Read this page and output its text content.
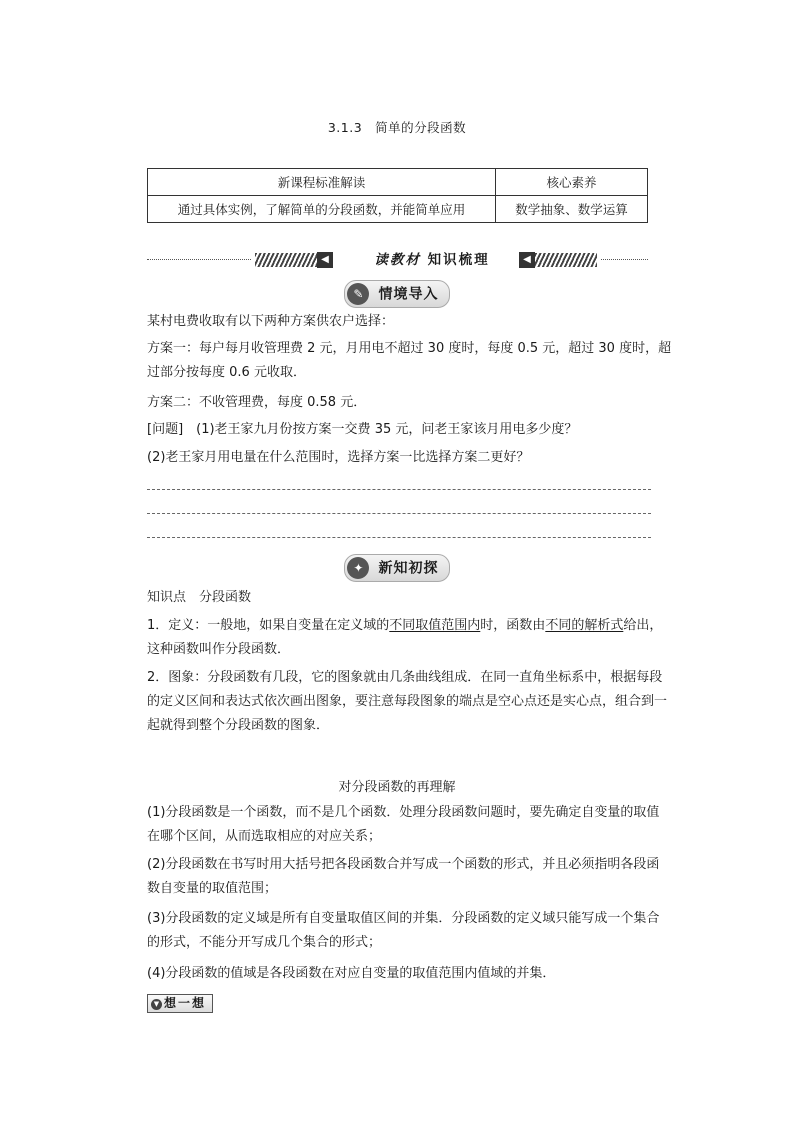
3.1.3　简单的分段函数
新课程标准解读	核心素养
通过具体实例，了解简单的分段函数，并能简单应用	数学抽象、数学运算
◀	读教材 知识梳理	◀
✎ 情境导入
某村电费收取有以下两种方案供农户选择：
方案一：每户每月收管理费 2 元，月用电不超过 30 度时，每度 0.5 元，超过 30 度时，超过部分按每度 0.6 元收取．
方案二：不收管理费，每度 0.58 元．
[问题]　(1)老王家九月份按方案一交费 35 元，问老王家该月用电多少度？
(2)老王家月用电量在什么范围时，选择方案一比选择方案二更好？
✦ 新知初探
知识点　分段函数
1．定义：一般地，如果自变量在定义域的不同取值范围内时，函数由不同的解析式给出，这种函数叫作分段函数．
2．图象：分段函数有几段，它的图象就由几条曲线组成．在同一直角坐标系中，根据每段的定义区间和表达式依次画出图象，要注意每段图象的端点是空心点还是实心点，组合到一起就得到整个分段函数的图象．
对分段函数的再理解
(1)分段函数是一个函数，而不是几个函数．处理分段函数问题时，要先确定自变量的取值在哪个区间，从而选取相应的对应关系；
(2)分段函数在书写时用大括号把各段函数合并写成一个函数的形式，并且必须指明各段函数自变量的取值范围；
(3)分段函数的定义域是所有自变量取值区间的并集．分段函数的定义域只能写成一个集合的形式，不能分开写成几个集合的形式；
(4)分段函数的值域是各段函数在对应自变量的取值范围内值域的并集．
▼ 想一想
